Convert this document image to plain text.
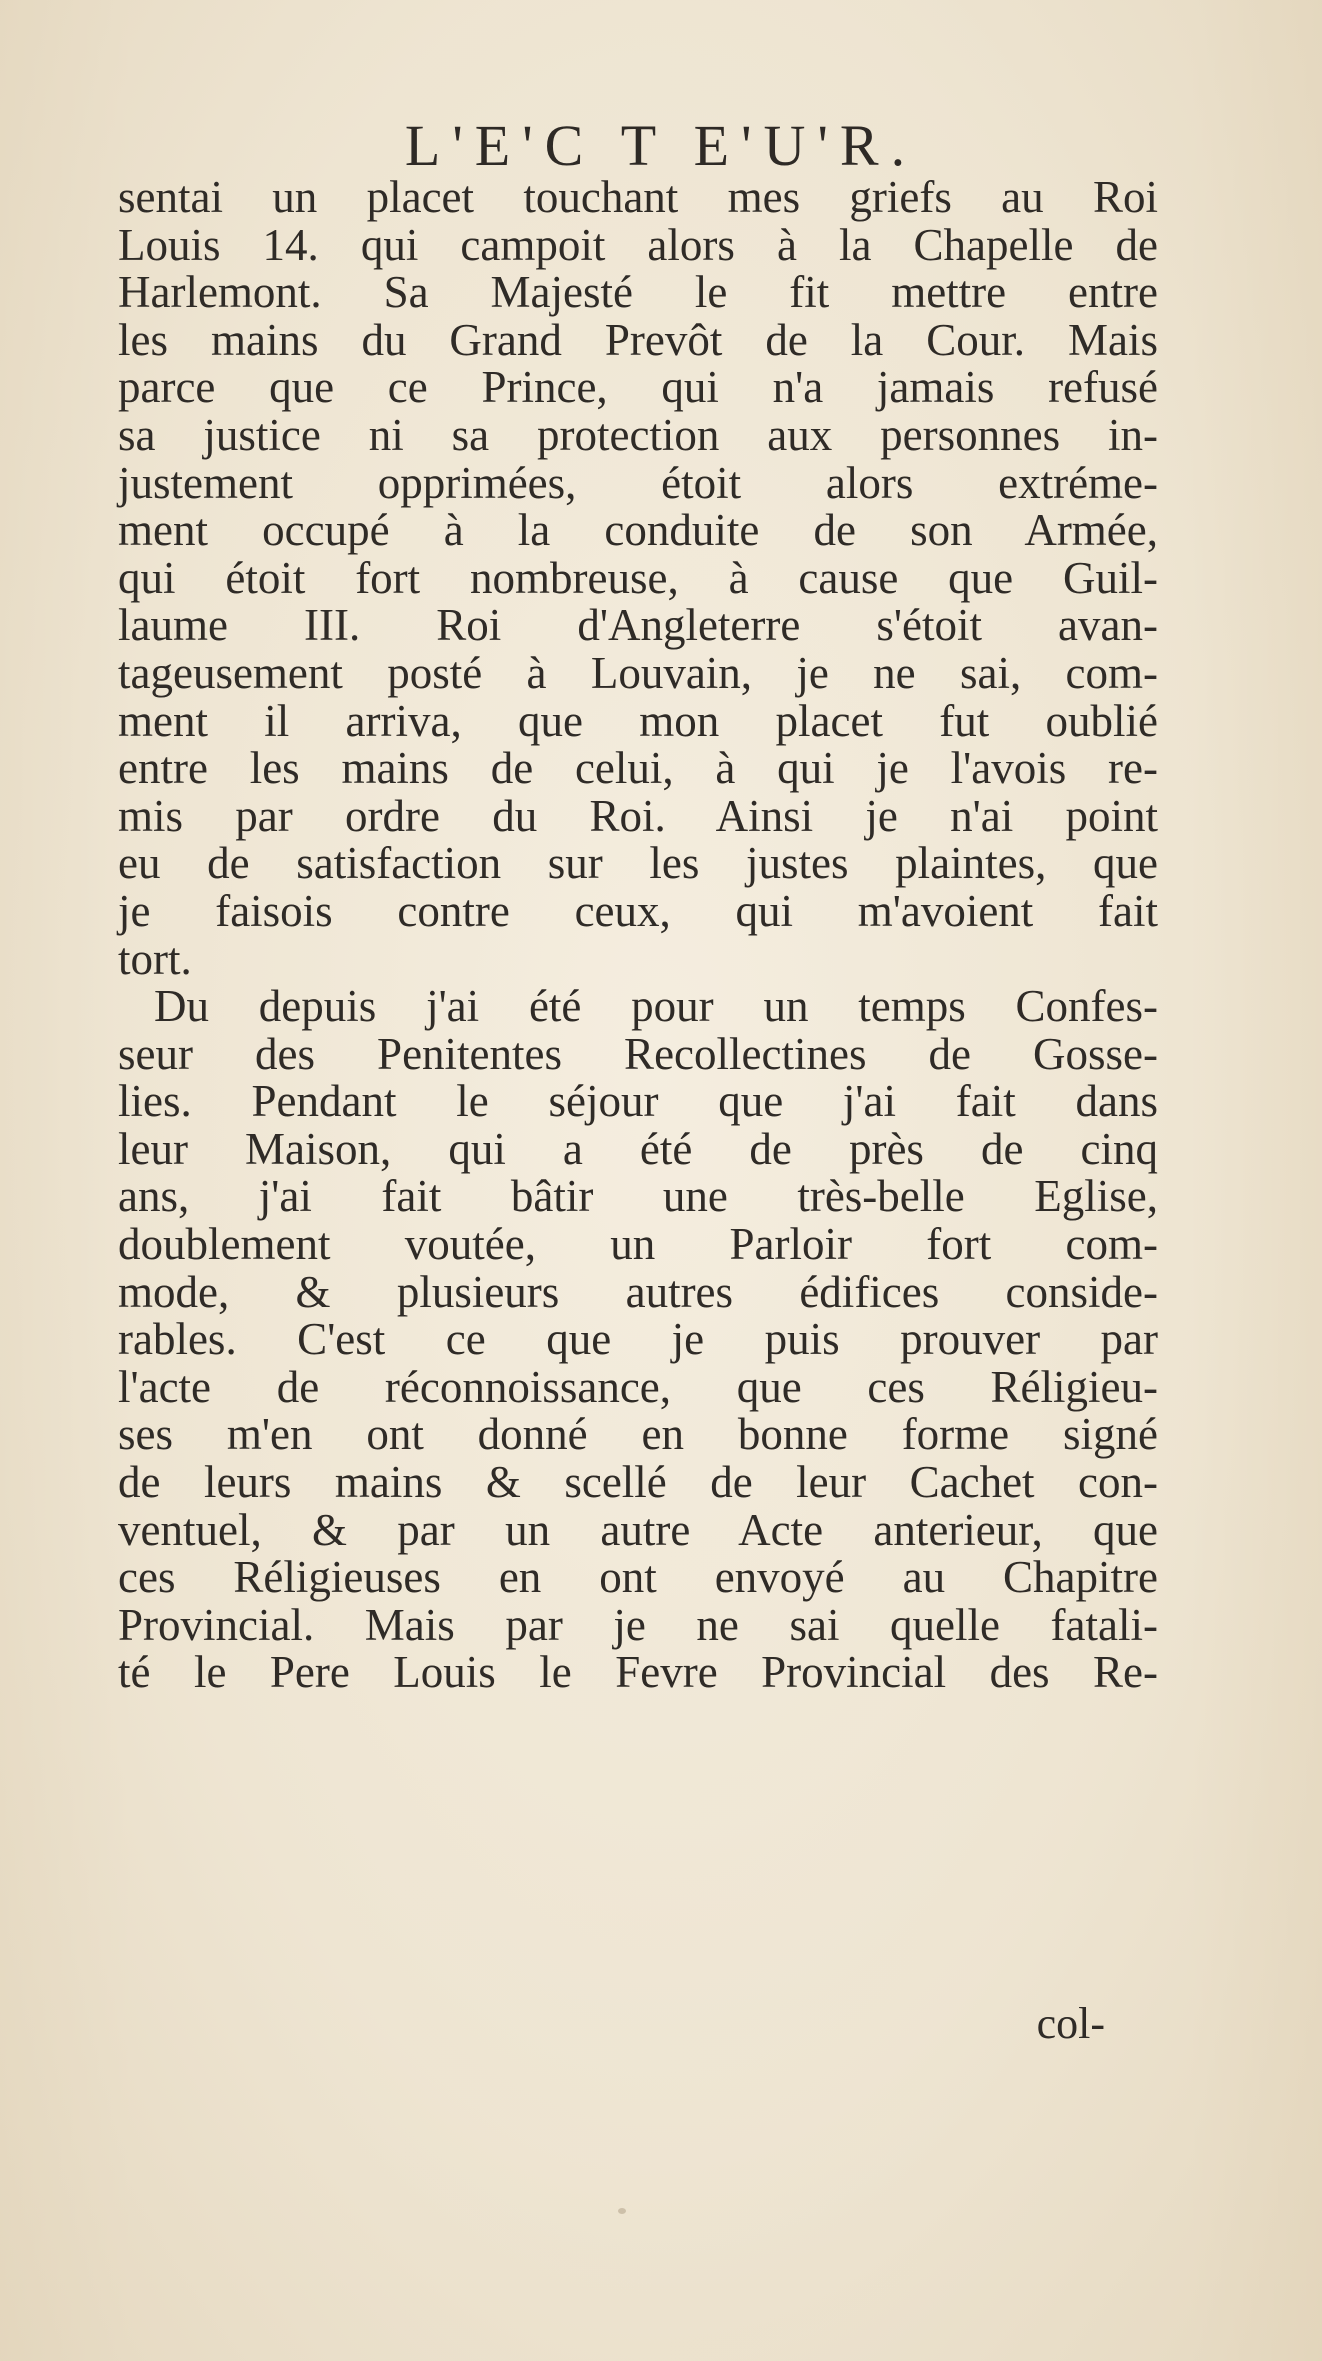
L'E'C T E'U'R.
sentai un placet touchant mes griefs au Roi
Louis 14. qui campoit alors à la Chapelle de
Harlemont. Sa Majesté le fit mettre entre
les mains du Grand Prevôt de la Cour. Mais
parce que ce Prince, qui n'a jamais refusé
sa justice ni sa protection aux personnes in-
justement opprimées, étoit alors extréme-
ment occupé à la conduite de son Armée,
qui étoit fort nombreuse, à cause que Guil-
laume III. Roi d'Angleterre s'étoit avan-
tageusement posté à Louvain, je ne sai, com-
ment il arriva, que mon placet fut oublié
entre les mains de celui, à qui je l'avois re-
mis par ordre du Roi. Ainsi je n'ai point
eu de satisfaction sur les justes plaintes, que
je faisois contre ceux, qui m'avoient fait
tort.
Du depuis j'ai été pour un temps Confes-
seur des Penitentes Recollectines de Gosse-
lies. Pendant le séjour que j'ai fait dans
leur Maison, qui a été de près de cinq
ans, j'ai fait bâtir une très-belle Eglise,
doublement voutée, un Parloir fort com-
mode, & plusieurs autres édifices conside-
rables. C'est ce que je puis prouver par
l'acte de réconnoissance, que ces Réligieu-
ses m'en ont donné en bonne forme signé
de leurs mains & scellé de leur Cachet con-
ventuel, & par un autre Acte anterieur, que
ces Réligieuses en ont envoyé au Chapitre
Provincial. Mais par je ne sai quelle fatali-
té le Pere Louis le Fevre Provincial des Re-
col-
